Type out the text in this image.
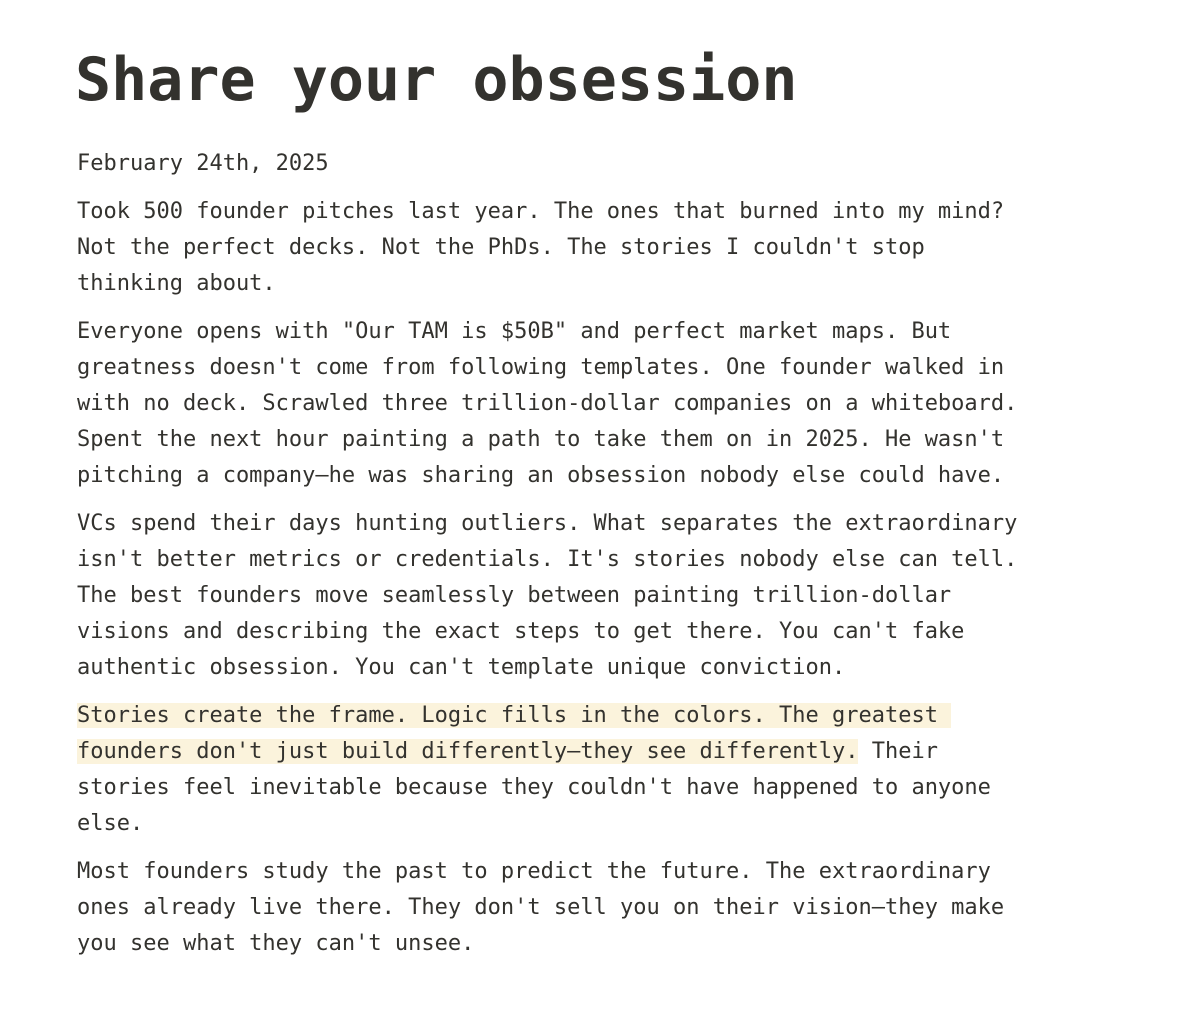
Share your obsession
February 24th, 2025
Took 500 founder pitches last year. The ones that burned into my mind?
Not the perfect decks. Not the PhDs. The stories I couldn't stop
thinking about.
Everyone opens with "Our TAM is $50B" and perfect market maps. But
greatness doesn't come from following templates. One founder walked in
with no deck. Scrawled three trillion-dollar companies on a whiteboard.
Spent the next hour painting a path to take them on in 2025. He wasn't
pitching a company—he was sharing an obsession nobody else could have.
VCs spend their days hunting outliers. What separates the extraordinary
isn't better metrics or credentials. It's stories nobody else can tell.
The best founders move seamlessly between painting trillion-dollar
visions and describing the exact steps to get there. You can't fake
authentic obsession. You can't template unique conviction.
Stories create the frame. Logic fills in the colors. The greatest
founders don't just build differently—they see differently. Their
stories feel inevitable because they couldn't have happened to anyone
else.
Most founders study the past to predict the future. The extraordinary
ones already live there. They don't sell you on their vision—they make
you see what they can't unsee.
